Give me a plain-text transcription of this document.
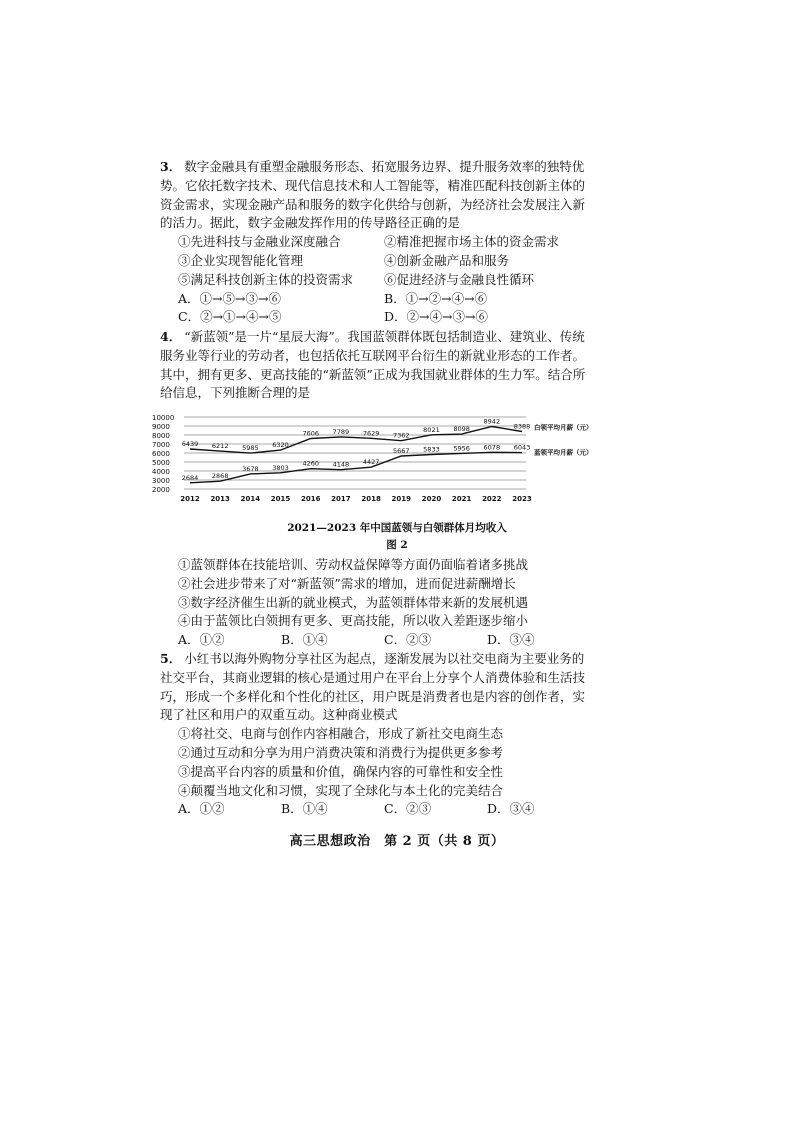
3． 数字金融具有重塑金融服务形态、拓宽服务边界、提升服务效率的独特优势。它依托数字技术、现代信息技术和人工智能等，精准匹配科技创新主体的资金需求，实现金融产品和服务的数字化供给与创新，为经济社会发展注入新的活力。据此，数字金融发挥作用的传导路径正确的是

①先进科技与金融业深度融合	②精准把握市场主体的资金需求
③企业实现智能化管理	④创新金融产品和服务
⑤满足科技创新主体的投资需求	⑥促进经济与金融良性循环
A．①→⑤→③→⑥	B．①→②→④→⑥
C．②→①→④→⑤	D．②→④→③→⑥

4． “新蓝领”是一片“星辰大海”。我国蓝领群体既包括制造业、建筑业、传统服务业等行业的劳动者，也包括依托互联网平台衍生的新就业形态的工作者。其中，拥有更多、更高技能的“新蓝领”正成为我国就业群体的生力军。结合所给信息，下列推断合理的是

10000
9000
8000
7000
6000
5000
4000
3000
2000
2012 2013 2014 2015 2016 2017 2018 2019 2020 2021 2022 2023
6439 6212 5985 6320
7606 7789 7629 7362
8021 8098
8942
8388 白领平均月薪（元）
2684 2868
3678 3803
4260 4148 4427
5667 5833 5956 6078 6043
蓝领平均月薪（元）
2021—2023 年中国蓝领与白领群体月均收入
图 2

①蓝领群体在技能培训、劳动权益保障等方面仍面临着诸多挑战

②社会进步带来了对“新蓝领”需求的增加，进而促进薪酬增长

③数字经济催生出新的就业模式，为蓝领群体带来新的发展机遇

④由于蓝领比白领拥有更多、更高技能，所以收入差距逐步缩小

A．①②	B．①④	C．②③	D．③④

5． 小红书以海外购物分享社区为起点，逐渐发展为以社交电商为主要业务的社交平台，其商业逻辑的核心是通过用户在平台上分享个人消费体验和生活技巧，形成一个多样化和个性化的社区，用户既是消费者也是内容的创作者，实现了社区和用户的双重互动。这种商业模式

①将社交、电商与创作内容相融合，形成了新社交电商生态

②通过互动和分享为用户消费决策和消费行为提供更多参考

③提高平台内容的质量和价值，确保内容的可靠性和安全性

④颠覆当地文化和习惯，实现了全球化与本土化的完美结合

A．①②	B．①④	C．②③	D．③④
高三思想政治　第 2 页（共 8 页）
